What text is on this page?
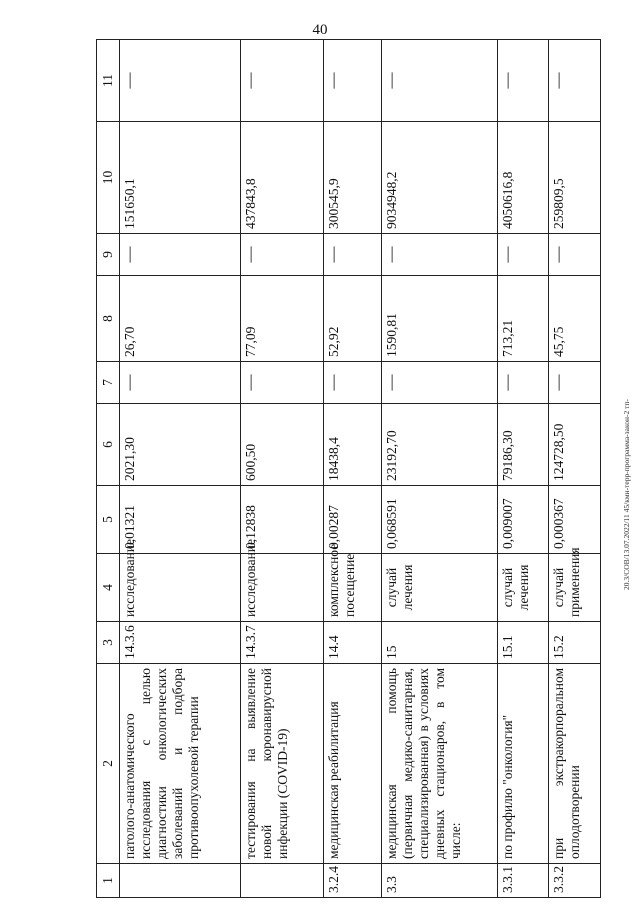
40
20.3/СОВ/13.07.2022/11 45/кмн-терр-программа-закон-2 тп-
1	2	3	4	5	6	7	8	9	10	11
	патолого-анатомического исследования с целью диагностики онкологических заболеваний и подбора противоопухолевой терапии	14.3.6	исследование	0,01321	2021,30	—	26,70	—	151650,1	—
	тестирования на выявление новой коронавирусной инфекции (COVID-19)	14.3.7	исследование	0,12838	600,50	—	77,09	—	437843,8	—
3.2.4	медицинская реабилитация	14.4	комплексное посещение	0,00287	18438,4	—	52,92	—	300545,9	—
3.3	медицинская помощь (первичная медико-санитарная, специализированная) в условиях дневных стационаров, в том числе:	15	случай лечения	0,068591	23192,70	—	1590,81	—	9034948,2	—
3.3.1	по профилю "онкология"	15.1	случай лечения	0,009007	79186,30	—	713,21	—	4050616,8	—
3.3.2	при экстракорпоральном оплодотворении	15.2	случай применения	0,000367	124728,50	—	45,75	—	259809,5	—
